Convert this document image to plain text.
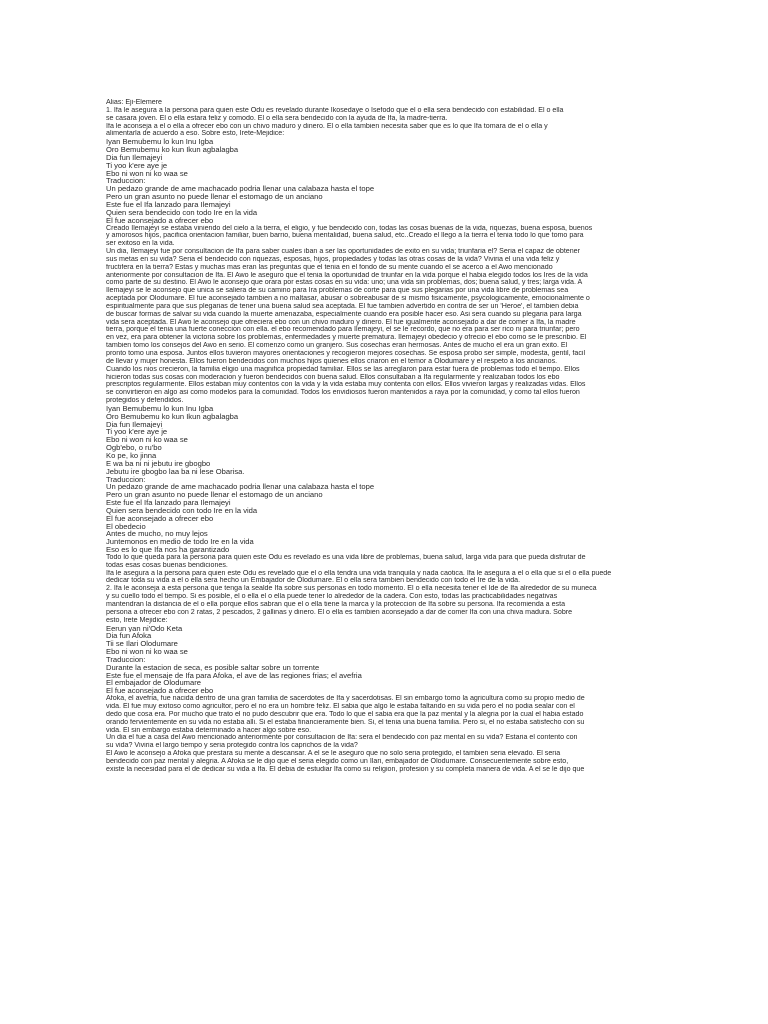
Alias: Eji-Elemere
1. Ifa le asegura a la persona para quien este Odu es revelado durante Ikosedaye o Isefodo que el o ella sera bendecido con estabilidad. El o ella
se casara joven. El o ella estara feliz y comodo. El o ella sera bendecido con la ayuda de Ifa, la madre-tierra.
Ifa le aconseja a el o ella a ofrecer ebo con un chivo maduro y dinero. El o ella tambien necesita saber que es lo que Ifa tomara de el o ella y
alimentarla de acuerdo a eso. Sobre esto, Irete-Mejidice:
Iyan Bemubemu lo kun Inu Igba
Oro Bemubemu ko kun Ikun agbalagba
Dia fun Ilemajeyi
Ti yoo k'ere aye je
Ebo ni won ni ko waa se
Traduccion:
Un pedazo grande de ame machacado podria llenar una calabaza hasta el tope
Pero un gran asunto no puede llenar el estomago de un anciano
Este fue el Ifa lanzado para Ilemajeyi
Quien sera bendecido con todo Ire en la vida
El fue aconsejado a ofrecer ebo
Creado Ilemajeyi se estaba viniendo del cielo a la tierra, el eligio, y fue bendecido con, todas las cosas buenas de la vida, riquezas, buena esposa, buenos
y amorosos hijos, pacifica orientacion familiar, buen barrio, buena mentalidad, buena salud, etc..Creado el llego a la tierra el tenia todo lo que tomo para
ser exitoso en la vida.
Un dia, Ilemajeyi fue por consultacion de Ifa para saber cuales iban a ser las oportunidades de exito en su vida; triunfaria el? Seria el capaz de obtener
sus metas en su vida? Seria el bendecido con riquezas, esposas, hijos, propiedades y todas las otras cosas de la vida? Viviria el una vida feliz y
fructifera en la tierra? Estas y muchas mas eran las preguntas que el tenia en el fondo de su mente cuando el se acerco a el Awo mencionado
anteriormente por consultacion de Ifa. El Awo le aseguro que el tenia la oportunidad de triunfar en la vida porque el habia elegido todos los Ires de la vida
como parte de su destino. El Awo le aconsejo que orara por estas cosas en su vida: uno; una vida sin problemas, dos; buena salud, y tres; larga vida. A
Ilemajeyi se le aconsejo que unica se saliera de su camino para Ira problemas de corte para que sus plegarias por una vida libre de problemas sea
aceptada por Olodumare. El fue aconsejado tambien a no maltasar, abusar o sobreabusar de si mismo fisicamente, psycologicamente, emocionalmente o
espiritualmente para que sus plegarias de tener una buena salud sea aceptada. El fue tambien advertido en contra de ser un 'Heroe', el tambien debia
de buscar formas de salvar su vida cuando la muerte amenazaba, especialmente cuando era posible hacer eso. Asi sera cuando su plegaria para larga
vida sera aceptada. El Awo le aconsejo que ofreciera ebo con un chivo maduro y dinero. El fue igualmente aconsejado a dar de comer a Ifa, la madre
tierra, porque el tenia una fuerte coneccion con ella. el ebo recomendado para Ilemajeyi, el se le recordo, que no era para ser rico ni para triunfar; pero
en vez, era para obtener la victoria sobre los problemas, enfermedades y muerte prematura. Ilemajeyi obedecio y ofrecio el ebo como se le prescribio. El
tambien tomo los consejos del Awo en serio. El comenzo como un granjero. Sus cosechas eran hermosas. Antes de mucho el era un gran exito. El
pronto tomo una esposa. Juntos ellos tuvieron mayores orientaciones y recogieron mejores cosechas. Se esposa probo ser simple, modesta, gentil, facil
de llevar y mujer honesta. Ellos fueron bendecidos con muchos hijos quienes ellos criaron en el temor a Olodumare y el respeto a los ancianos.
Cuando los nios crecieron, la familia eligio una magnifica propiedad familiar. Ellos se las arreglaron para estar fuera de problemas todo el tiempo. Ellos
hicieron todas sus cosas con moderacion y fueron bendecidos con buena salud. Ellos consultaban a Ifa regularmente y realizaban todos los ebo
prescriptos regularmente. Ellos estaban muy contentos con la vida y la vida estaba muy contenta con ellos. Ellos vivieron largas y realizadas vidas. Ellos
se convirtieron en algo asi como modelos para la comunidad. Todos los envidiosos fueron mantenidos a raya por la comunidad, y como tal ellos fueron
protegidos y defendidos.
Iyan Bemubemu lo kun Inu Igba
Oro Bemubemu ko kun Ikun agbalagba
Dia fun Ilemajeyi
Ti yoo k'ere aye je
Ebo ni won ni ko waa se
Ogb'ebo, o ru'bo
Ko pe, ko jinna
E wa ba ni ni jebutu ire gbogbo
Jebutu ire gbogbo laa ba ni lese Obarisa.
Traduccion:
Un pedazo grande de ame machacado podria llenar una calabaza hasta el tope
Pero un gran asunto no puede llenar el estomago de un anciano
Este fue el Ifa lanzado para Ilemajeyi
Quien sera bendecido con todo Ire en la vida
El fue aconsejado a ofrecer ebo
El obedecio
Antes de mucho, no muy lejos
Juntemonos en medio de todo Ire en la vida
Eso es lo que Ifa nos ha garantizado
Todo lo que queda para la persona para quien este Odu es revelado es una vida libre de problemas, buena salud, larga vida para que pueda disfrutar de
todas esas cosas buenas bendiciones.
Ifa le asegura a la persona para quien este Odu es revelado que el o ella tendra una vida tranquila y nada caotica. Ifa le asegura a el o ella que si el o ella puede
dedicar toda su vida a el o ella sera hecho un Embajador de Olodumare. El o ella sera tambien bendecido con todo el Ire de la vida.
2. Ifa le aconseja a esta persona que tenga la sealde Ifa sobre sus personas en todo momento. El o ella necesita tener el Ide de Ifa alrededor de su muneca
y su cuello todo el tiempo. Si es posible, el o ella el o ella puede tener lo alrededor de la cadera. Con esto, todas las practicabilidades negativas
mantendran la distancia de el o ella porque ellos sabran que el o ella tiene la marca y la proteccion de Ifa sobre su persona. Ifa recomienda a esta
persona a ofrecer ebo con 2 ratas, 2 pescados, 2 gallinas y dinero. El o ella es tambien aconsejado a dar de comer Ifa con una chiva madura. Sobre
esto, Irete Mejidice:
Eerun yan ni'Odo Keta
Dia fun Afoka
Tii se Ilari Olodumare
Ebo ni won ni ko waa se
Traduccion:
Durante la estacion de seca, es posible saltar sobre un torrente
Este fue el mensaje de Ifa para Afoka, el ave de las regiones frias; el avefria
El embajador de Olodumare
El fue aconsejado a ofrecer ebo
Afoka, el avefria, fue nacida dentro de una gran familia de sacerdotes de Ifa y sacerdotisas. El sin embargo tomo la agricultura como su propio medio de
vida. El fue muy exitoso como agricultor, pero el no era un hombre feliz. El sabia que algo le estaba faltando en su vida pero el no podia sealar con el
dedo que cosa era. Por mucho que trato el no pudo descubrir que era. Todo lo que el sabia era que la paz mental y la alegria por la cual el habia estado
orando fervientemente en su vida no estaba alli. Si el estaba financieramente bien. Si, el tenia una buena familia. Pero si, el no estaba satisfecho con su
vida. El sin embargo estaba determinado a hacer algo sobre eso.
Un dia el fue a casa del Awo mencionado anteriormente por consultacion de Ifa: sera el bendecido con paz mental en su vida? Estaria el contento con
su vida? Viviria el largo tiempo y seria protegido contra los caprichos de la vida?
El Awo le aconsejo a Afoka que prestara su mente a descansar. A el se le aseguro que no solo seria protegido, el tambien seria elevado. El seria
bendecido con paz mental y alegria. A Afoka se le dijo que el seria elegido como un Ilari, embajador de Olodumare. Consecuentemente sobre esto,
existe la necesidad para el de dedicar su vida a Ifa. El debia de estudiar Ifa como su religion, profesion y su completa manera de vida. A el se le dijo que
